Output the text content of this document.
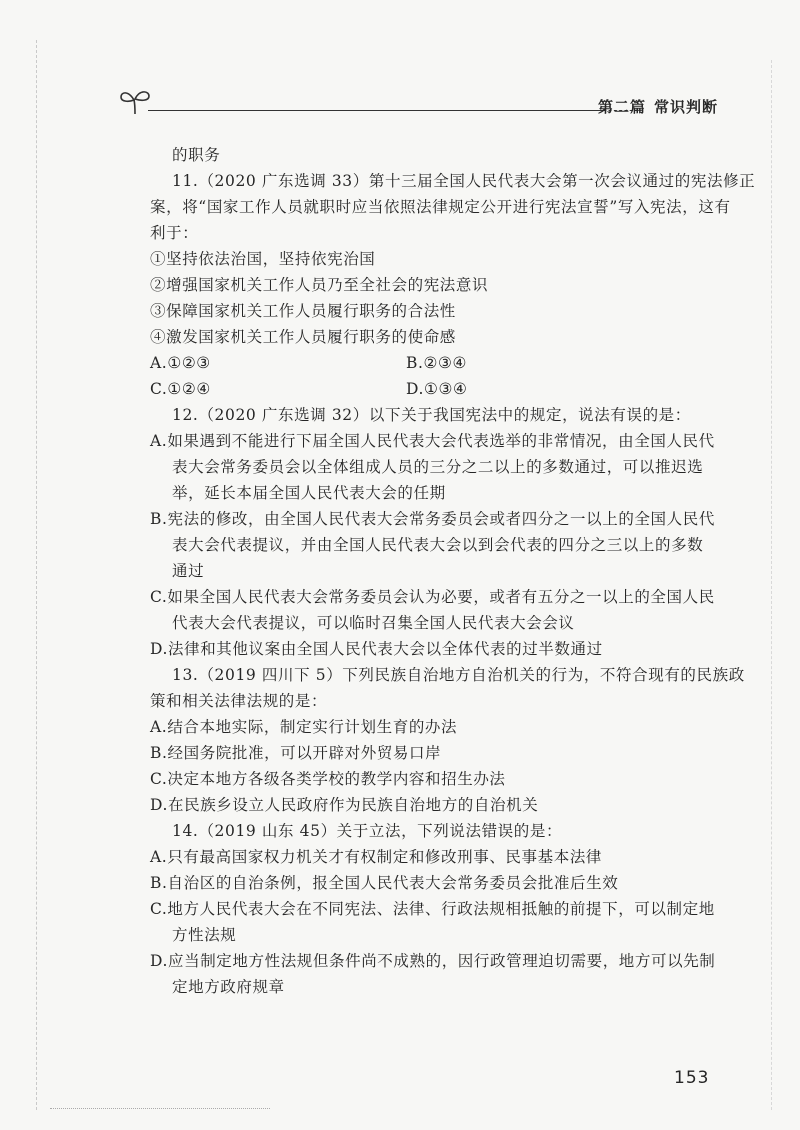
第二篇 常识判断
的职务
11.（2020 广东选调 33）第十三届全国人民代表大会第一次会议通过的宪法修正
案，将“国家工作人员就职时应当依照法律规定公开进行宪法宣誓”写入宪法，这有
利于：
①坚持依法治国，坚持依宪治国
②增强国家机关工作人员乃至全社会的宪法意识
③保障国家机关工作人员履行职务的合法性
④激发国家机关工作人员履行职务的使命感
A.①②③	B.②③④
C.①②④	D.①③④
12.（2020 广东选调 32）以下关于我国宪法中的规定，说法有误的是：
A.如果遇到不能进行下届全国人民代表大会代表选举的非常情况，由全国人民代
表大会常务委员会以全体组成人员的三分之二以上的多数通过，可以推迟选
举，延长本届全国人民代表大会的任期
B.宪法的修改，由全国人民代表大会常务委员会或者四分之一以上的全国人民代
表大会代表提议，并由全国人民代表大会以到会代表的四分之三以上的多数
通过
C.如果全国人民代表大会常务委员会认为必要，或者有五分之一以上的全国人民
代表大会代表提议，可以临时召集全国人民代表大会会议
D.法律和其他议案由全国人民代表大会以全体代表的过半数通过
13.（2019 四川下 5）下列民族自治地方自治机关的行为，不符合现有的民族政
策和相关法律法规的是：
A.结合本地实际，制定实行计划生育的办法
B.经国务院批准，可以开辟对外贸易口岸
C.决定本地方各级各类学校的教学内容和招生办法
D.在民族乡设立人民政府作为民族自治地方的自治机关
14.（2019 山东 45）关于立法，下列说法错误的是：
A.只有最高国家权力机关才有权制定和修改刑事、民事基本法律
B.自治区的自治条例，报全国人民代表大会常务委员会批准后生效
C.地方人民代表大会在不同宪法、法律、行政法规相抵触的前提下，可以制定地
方性法规
D.应当制定地方性法规但条件尚不成熟的，因行政管理迫切需要，地方可以先制
定地方政府规章
153
